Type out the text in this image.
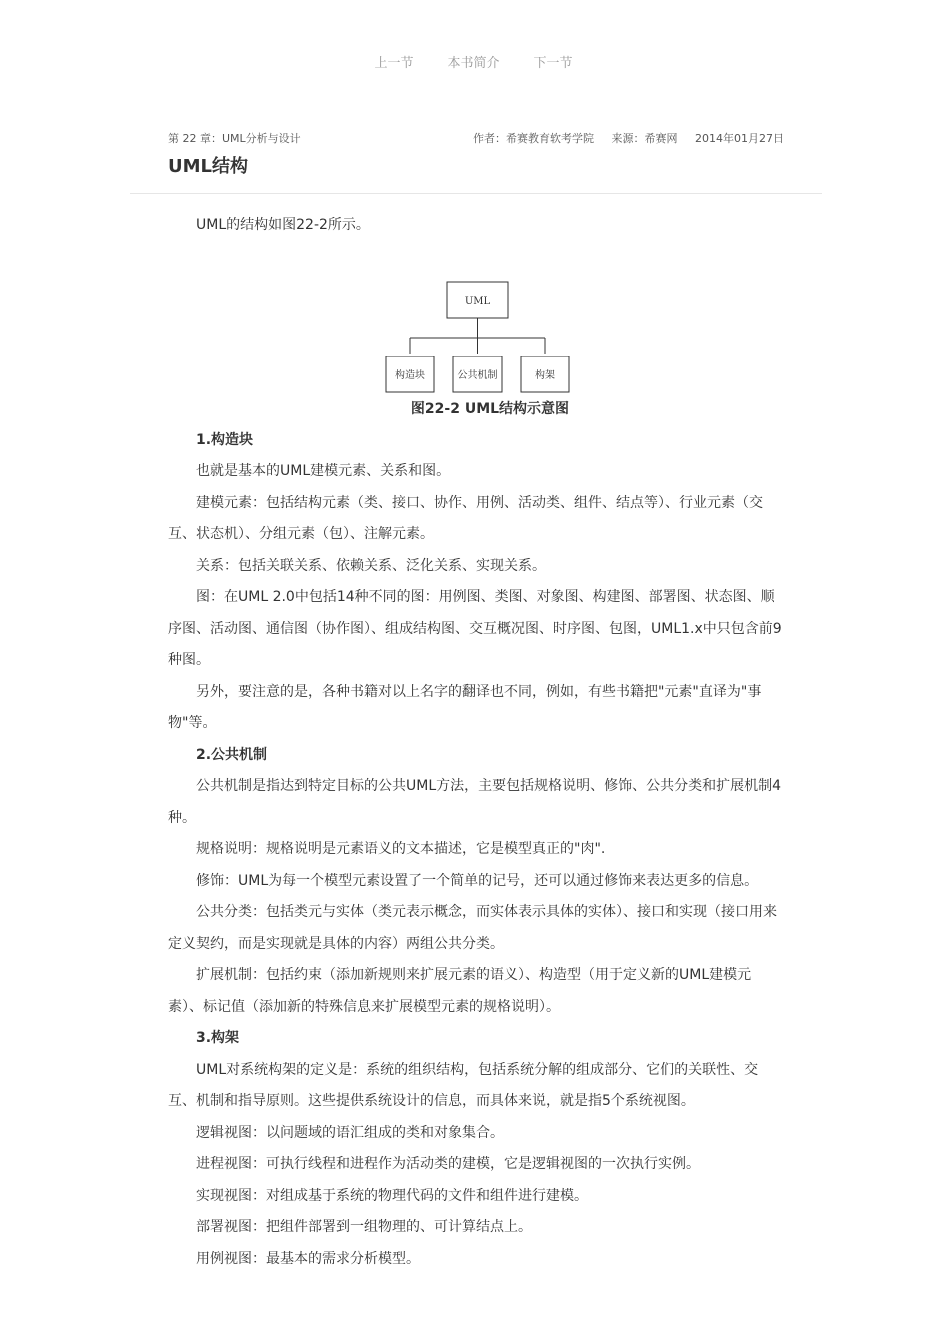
上一节	本书简介	下一节
第 22 章：UML分析与设计	作者：希赛教育软考学院 来源：希赛网 2014年01月27日
UML结构

UML的结构如图22-2所示。

UML
构造块	公共机制	构架

图22-2 UML结构示意图

1.构造块

也就是基本的UML建模元素、关系和图。

建模元素：包括结构元素（类、接口、协作、用例、活动类、组件、结点等）、行业元素（交互、状态机）、分组元素（包）、注解元素。

关系：包括关联关系、依赖关系、泛化关系、实现关系。

图：在UML 2.0中包括14种不同的图：用例图、类图、对象图、构建图、部署图、状态图、顺序图、活动图、通信图（协作图）、组成结构图、交互概况图、时序图、包图，UML1.x中只包含前9种图。

另外，要注意的是，各种书籍对以上名字的翻译也不同，例如，有些书籍把"元素"直译为"事物"等。

2.公共机制

公共机制是指达到特定目标的公共UML方法，主要包括规格说明、修饰、公共分类和扩展机制4种。

规格说明：规格说明是元素语义的文本描述，它是模型真正的"肉".

修饰：UML为每一个模型元素设置了一个简单的记号，还可以通过修饰来表达更多的信息。

公共分类：包括类元与实体（类元表示概念，而实体表示具体的实体）、接口和实现（接口用来定义契约，而是实现就是具体的内容）两组公共分类。

扩展机制：包括约束（添加新规则来扩展元素的语义）、构造型（用于定义新的UML建模元素）、标记值（添加新的特殊信息来扩展模型元素的规格说明）。

3.构架

UML对系统构架的定义是：系统的组织结构，包括系统分解的组成部分、它们的关联性、交互、机制和指导原则。这些提供系统设计的信息，而具体来说，就是指5个系统视图。

逻辑视图：以问题域的语汇组成的类和对象集合。

进程视图：可执行线程和进程作为活动类的建模，它是逻辑视图的一次执行实例。

实现视图：对组成基于系统的物理代码的文件和组件进行建模。

部署视图：把组件部署到一组物理的、可计算结点上。

用例视图：最基本的需求分析模型。
